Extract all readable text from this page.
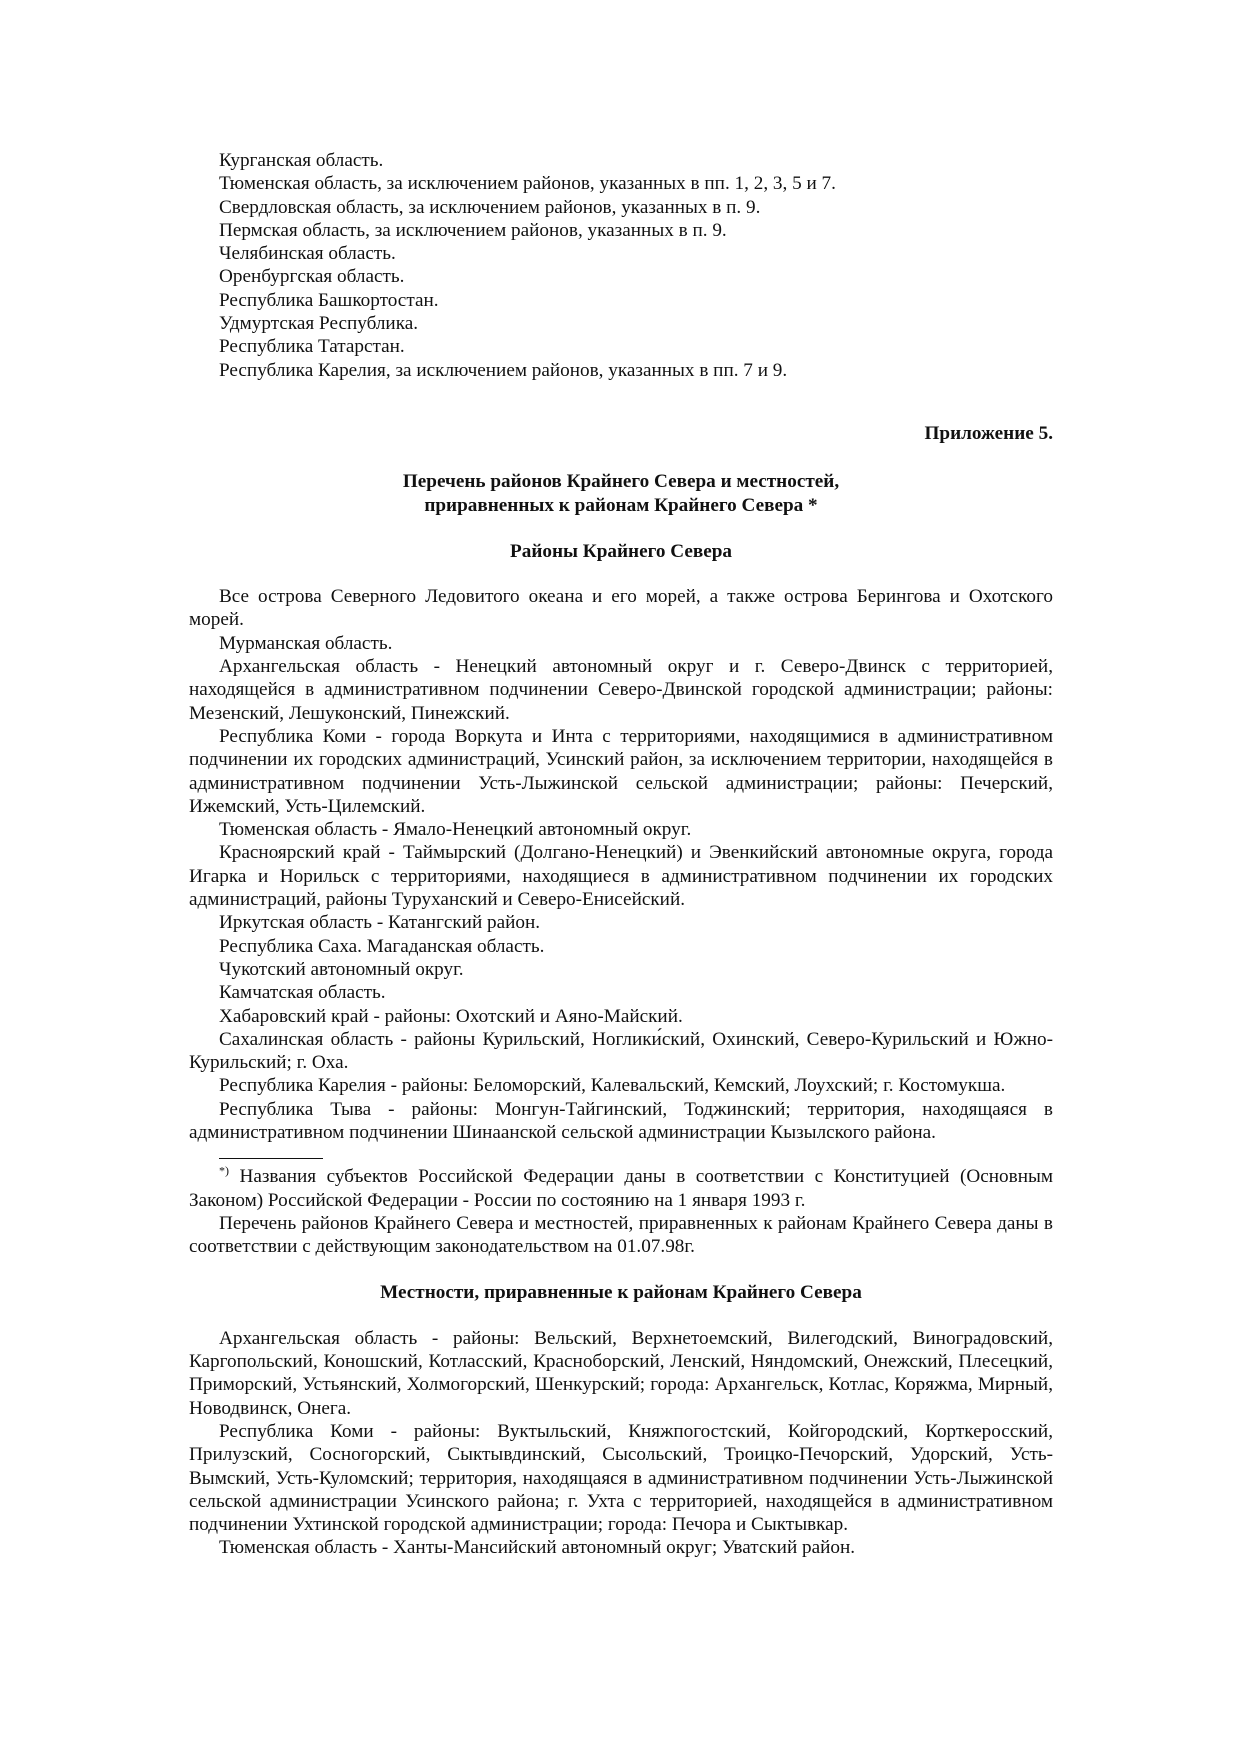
Курганская область.

Тюменская область, за исключением районов, указанных в пп. 1, 2, 3, 5 и 7.

Свердловская область, за исключением районов, указанных в п. 9.

Пермская область, за исключением районов, указанных в п. 9.

Челябинская область.

Оренбургская область.

Республика Башкортостан.

Удмуртская Республика.

Республика Татарстан.

Республика Карелия, за исключением районов, указанных в пп. 7 и 9.

Приложение 5.

Перечень районов Крайнего Севера и местностей,
приравненных к районам Крайнего Севера *

Районы Крайнего Севера

Все острова Северного Ледовитого океана и его морей, а также острова Берингова и Охотского морей.

Мурманская область.

Архангельская область - Ненецкий автономный округ и г. Северо-Двинск с территорией, находящейся в административном подчинении Северо-Двинской городской администрации; районы: Мезенский, Лешуконский, Пинежский.

Республика Коми - города Воркута и Инта с территориями, находящимися в административном подчинении их городских администраций, Усинский район, за исключением территории, находящейся в административном подчинении Усть-Лыжинской сельской администрации; районы: Печерский, Ижемский, Усть-Цилемский.

Тюменская область - Ямало-Ненецкий автономный округ.

Красноярский край - Таймырский (Долгано-Ненецкий) и Эвенкийский автономные округа, города Игарка и Норильск с территориями, находящиеся в административном подчинении их городских администраций, районы Туруханский и Северо-Енисейский.

Иркутская область - Катангский район.

Республика Саха. Магаданская область.

Чукотский автономный округ.

Камчатская область.

Хабаровский край - районы: Охотский и Аяно-Майский.

Сахалинская область - районы Курильский, Ноглики́ский, Охинский, Северо-Курильский и Южно-Курильский; г. Оха.

Республика Карелия - районы: Беломорский, Калевальский, Кемский, Лоухский; г. Костомукша.

Республика Тыва - районы: Монгун-Тайгинский, Тоджинский; территория, находящаяся в административном подчинении Шинаанской сельской администрации Кызылского района.

*) Названия субъектов Российской Федерации даны в соответствии с Конституцией (Основным Законом) Российской Федерации - России по состоянию на 1 января 1993 г.

Перечень районов Крайнего Севера и местностей, приравненных к районам Крайнего Севера даны в соответствии с действующим законодательством на 01.07.98г.

Местности, приравненные к районам Крайнего Севера

Архангельская область - районы: Вельский, Верхнетоемский, Вилегодский, Виноградовский, Каргопольский, Коношский, Котласский, Красноборский, Ленский, Няндомский, Онежский, Плесецкий, Приморский, Устьянский, Холмогорский, Шенкурский; города: Архангельск, Котлас, Коряжма, Мирный, Новодвинск, Онега.

Республика Коми - районы: Вуктыльский, Княжпогостский, Койгородский, Корткеросский, Прилузский, Сосногорский, Сыктывдинский, Сысольский, Троицко-Печорский, Удорский, Усть-Вымский, Усть-Куломский; территория, находящаяся в административном подчинении Усть-Лыжинской сельской администрации Усинского района; г. Ухта с территорией, находящейся в административном подчинении Ухтинской городской администрации; города: Печора и Сыктывкар.

Тюменская область - Ханты-Мансийский автономный округ; Уватский район.
